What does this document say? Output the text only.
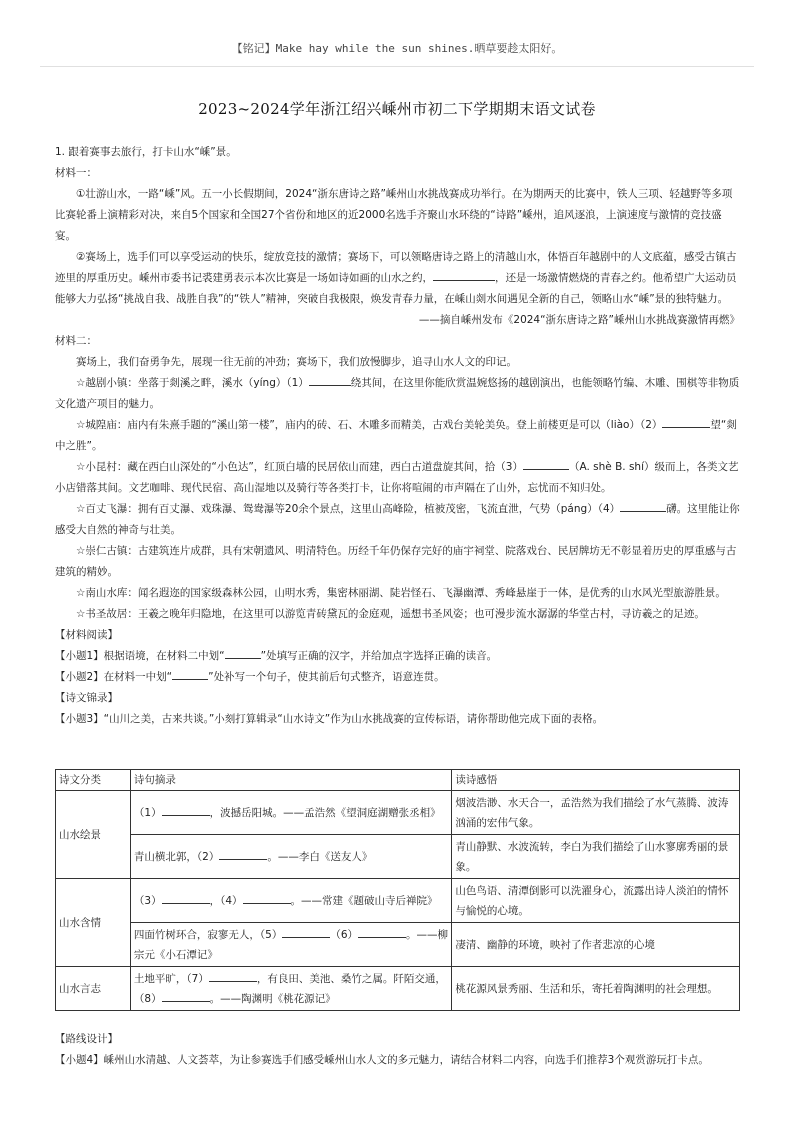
【铭记】Make hay while the sun shines.晒草要趁太阳好。
2023~2024学年浙江绍兴嵊州市初二下学期期末语文试卷

1. 跟着赛事去旅行，打卡山水“嵊”景。

材料一：

①壮游山水，一路“嵊”风。五一小长假期间，2024“浙东唐诗之路”嵊州山水挑战赛成功举行。在为期两天的比赛中，铁人三项、轻越野等多项比赛轮番上演精彩对决，来自5个国家和全国27个省份和地区的近2000名选手齐聚山水环绕的“诗路”嵊州，追风逐浪，上演速度与激情的竞技盛宴。

②赛场上，选手们可以享受运动的快乐，绽放竞技的激情；赛场下，可以领略唐诗之路上的清越山水，体悟百年越剧中的人文底蕴，感受古镇古迹里的厚重历史。嵊州市委书记裘建勇表示本次比赛是一场如诗如画的山水之约，	，还是一场激情燃烧的青春之约。他希望广大运动员能够大力弘扬“挑战自我、战胜自我”的“铁人”精神，突破自我极限，焕发青春力量，在嵊山剡水间遇见全新的自己，领略山水“嵊”景的独特魅力。

——摘自嵊州发布《2024“浙东唐诗之路”嵊州山水挑战赛激情再燃》

材料二：

赛场上，我们奋勇争先，展现一往无前的冲劲；赛场下，我们放慢脚步，追寻山水人文的印记。

☆越剧小镇：坐落于剡溪之畔，溪水（yíng）（1）	绕其间，在这里你能欣赏温婉悠扬的越剧演出，也能领略竹编、木雕、围棋等非物质文化遗产项目的魅力。

☆城隍庙：庙内有朱熹手题的“溪山第一楼”，庙内的砖、石、木雕多而精美，古戏台美轮美奂。登上前楼更是可以（liào）（2）	望“剡中之胜”。

☆小昆村：藏在西白山深处的“小色达”，红顶白墙的民居依山而建，西白古道盘旋其间，拾（3）	（A. shè B. shí）级而上，各类文艺小店错落其间。文艺咖啡、现代民宿、高山湿地以及骑行等各类打卡，让你将喧闹的市声隔在了山外，忘忧而不知归处。

☆百丈飞瀑：拥有百丈瀑、戏珠瀑、鸳鸯瀑等20余个景点，这里山高峰险，植被茂密，飞流直泄，气势（páng）（4）	礴。这里能让你感受大自然的神奇与壮美。

☆崇仁古镇：古建筑连片成群，具有宋朝遗风、明清特色。历经千年仍保存完好的庙宇祠堂、院落戏台、民居牌坊无不彰显着历史的厚重感与古建筑的精妙。

☆南山水库：闻名遐迩的国家级森林公园，山明水秀，集密林丽湖、陡岩怪石、飞瀑幽潭、秀峰悬崖于一体，是优秀的山水风光型旅游胜景。

☆书圣故居：王羲之晚年归隐地，在这里可以游览青砖黛瓦的金庭观，遥想书圣风姿；也可漫步流水潺潺的华堂古村，寻访羲之的足迹。

【材料阅读】

【小题1】根据语境，在材料二中划“	”处填写正确的汉字，并给加点字选择正确的读音。

【小题2】在材料一中划“	”处补写一个句子，使其前后句式整齐，语意连贯。

【诗文锦录】

【小题3】“山川之美，古来共谈。”小刻打算辑录“山水诗文”作为山水挑战赛的宣传标语，请你帮助他完成下面的表格。

诗文分类	诗句摘录	读诗感悟
山水绘景	（1） ，波撼岳阳城。——孟浩然《望洞庭湖赠张丞相》	烟波浩渺、水天合一，孟浩然为我们描绘了水气蒸腾、波涛汹涌的宏伟气象。
	青山横北郭，（2） 。——李白《送友人》	青山静默、水波流转，李白为我们描绘了山水寥廓秀丽的景象。
山水含情	（3） ，（4） 。——常建《题破山寺后禅院》	山色鸟语、清潭倒影可以洗濯身心，流露出诗人淡泊的情怀与愉悦的心境。
	四面竹树环合，寂寥无人，（5） （6） 。——柳宗元《小石潭记》	凄清、幽静的环境，映衬了作者悲凉的心境
山水言志	土地平旷，（7） ，有良田、美池、桑竹之属。阡陌交通，（8） 。——陶渊明《桃花源记》	桃花源风景秀丽、生活和乐，寄托着陶渊明的社会理想。

【路线设计】

【小题4】嵊州山水清越、人文荟萃，为让参赛选手们感受嵊州山水人文的多元魅力，请结合材料二内容，向选手们推荐3个观赏游玩打卡点。
